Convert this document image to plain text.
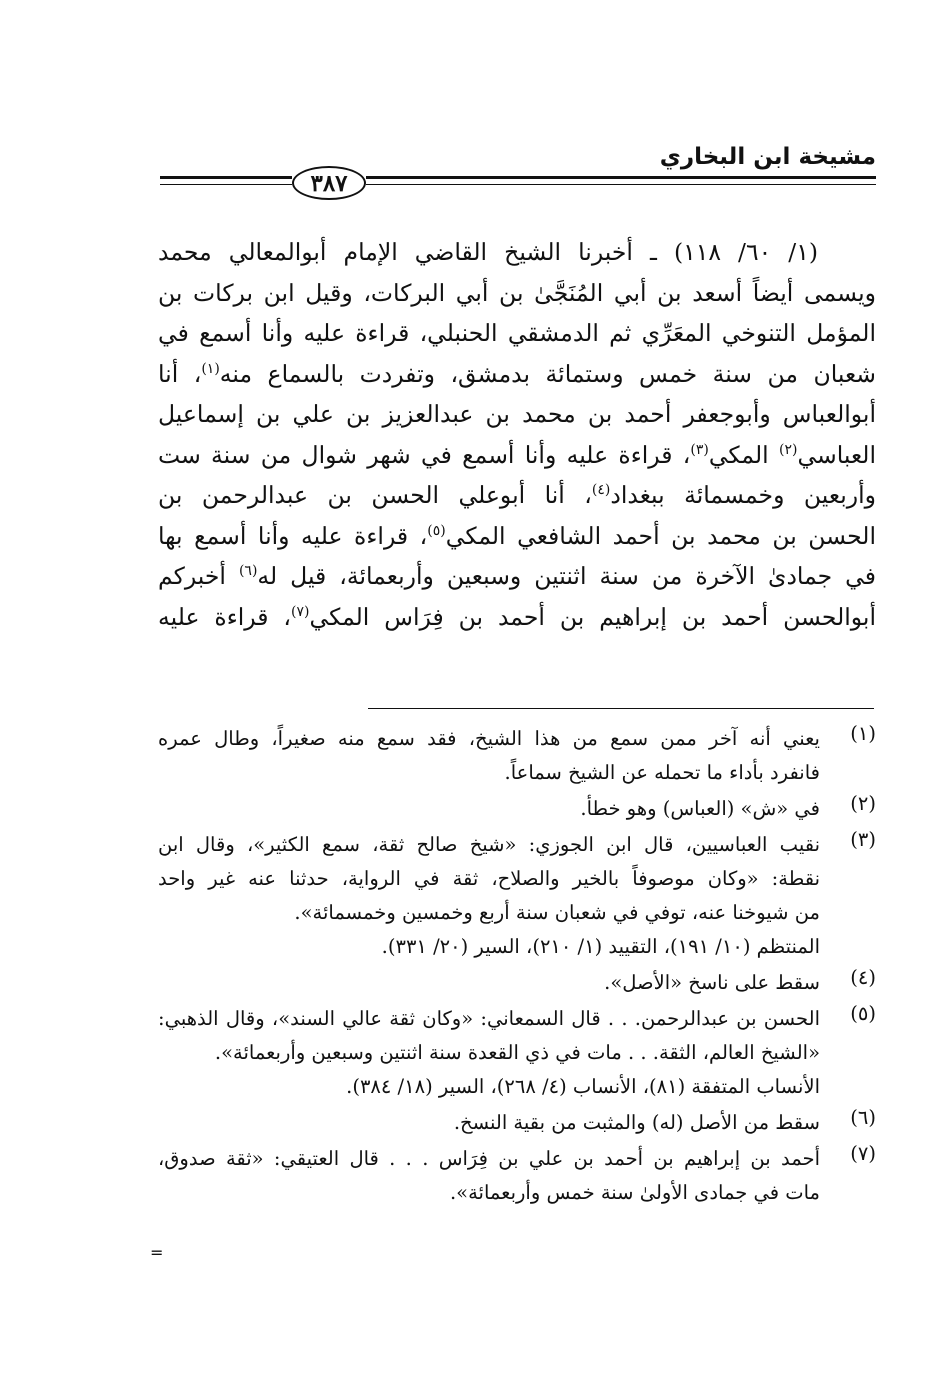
مشيخة ابن البخاري
٣٨٧

(١/ ٦٠/ ١١٨) ـ أخبرنا الشيخ القاضي الإمام أبوالمعالي محمد

ويسمى أيضاً أسعد بن أبي المُنَجَّىٰ بن أبي البركات، وقيل ابن بركات بن

المؤمل التنوخي المعَرِّي ثم الدمشقي الحنبلي، قراءة عليه وأنا أسمع في

شعبان من سنة خمس وستمائة بدمشق، وتفردت بالسماع منه$^{(١)}$، أنا

أبوالعباس وأبوجعفر أحمد بن محمد بن عبدالعزيز بن علي بن إسماعيل

العباسي$^{(٢)}$ المكي$^{(٣)}$، قراءة عليه وأنا أسمع في شهر شوال من سنة ست

وأربعين وخمسمائة ببغداد$^{(٤)}$، أنا أبوعلي الحسن بن عبدالرحمن بن

الحسن بن محمد بن أحمد الشافعي المكي$^{(٥)}$، قراءة عليه وأنا أسمع بها

في جمادىٰ الآخرة من سنة اثنتين وسبعين وأربعمائة، قيل له$^{(٦)}$ أخبركم

أبوالحسن أحمد بن إبراهيم بن أحمد بن فِرَاس المكي$^{(٧)}$، قراءة عليه

(١)

يعني أنه آخر ممن سمع من هذا الشيخ، فقد سمع منه صغيراً، وطال عمره

فانفرد بأداء ما تحمله عن الشيخ سماعاً.

(٢)

في «ش» (العباس) وهو خطأ.

(٣)

نقيب العباسيين، قال ابن الجوزي: «شيخ صالح ثقة، سمع الكثير»، وقال ابن

نقطة: «وكان موصوفاً بالخير والصلاح، ثقة في الرواية، حدثنا عنه غير واحد

من شيوخنا عنه، توفي في شعبان سنة أربع وخمسين وخمسمائة».

المنتظم (١٠/ ١٩١)، التقييد (١/ ٢١٠)، السير (٢٠/ ٣٣١).

(٤)

سقط على ناسخ «الأصل».

(٥)

الحسن بن عبدالرحمن. . . قال السمعاني: «وكان ثقة عالي السند»، وقال الذهبي:

«الشيخ العالم، الثقة. . . مات في ذي القعدة سنة اثنتين وسبعين وأربعمائة».

الأنساب المتفقة (٨١)، الأنساب (٤/ ٢٦٨)، السير (١٨/ ٣٨٤).

(٦)

سقط من الأصل (له) والمثبت من بقية النسخ.

(٧)

أحمد بن إبراهيم بن أحمد بن علي بن فِرَاس . . . قال العتيقي: «ثقة صدوق،

مات في جمادى الأولىٰ سنة خمس وأربعمائة».

=
